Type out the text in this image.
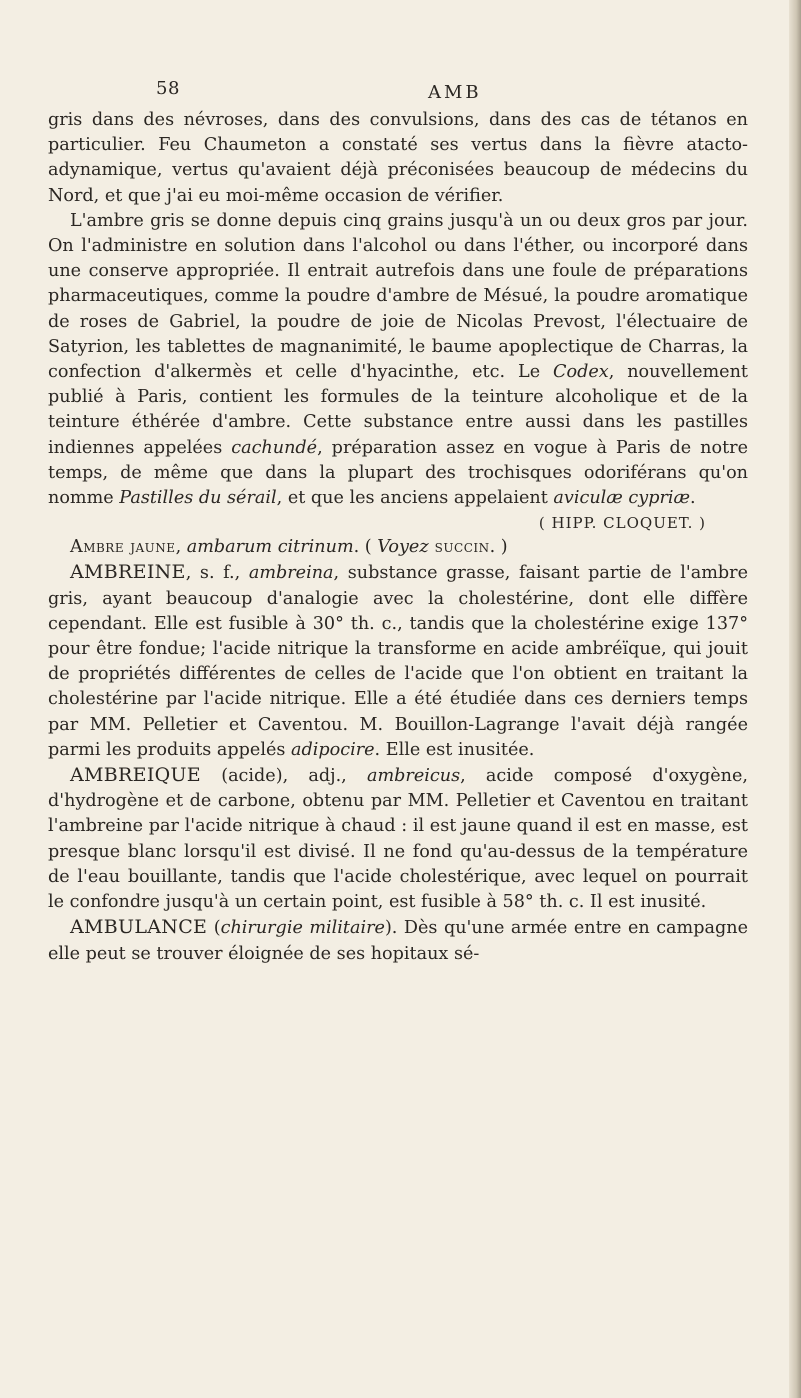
58	AMB

gris dans des névroses, dans des convulsions, dans des cas de tétanos en particulier. Feu Chaumeton a constaté ses vertus dans la fièvre atacto-adynamique, vertus qu'avaient déjà préconisées beaucoup de médecins du Nord, et que j'ai eu moi-même occasion de vérifier.

L'ambre gris se donne depuis cinq grains jusqu'à un ou deux gros par jour. On l'administre en solution dans l'alcohol ou dans l'éther, ou incorporé dans une conserve appropriée. Il entrait autrefois dans une foule de préparations pharmaceutiques, comme la poudre d'ambre de Mésué, la poudre aromatique de roses de Gabriel, la poudre de joie de Nicolas Prevost, l'électuaire de Satyrion, les tablettes de magnanimité, le baume apoplectique de Charras, la confection d'alkermès et celle d'hyacinthe, etc. Le Codex, nouvellement publié à Paris, contient les formules de la teinture alcoholique et de la teinture éthérée d'ambre. Cette substance entre aussi dans les pastilles indiennes appelées cachundé, préparation assez en vogue à Paris de notre temps, de même que dans la plupart des trochisques odoriférans qu'on nomme Pastilles du sérail, et que les anciens appelaient aviculæ cypriæ.

( HIPP. CLOQUET. )

Ambre jaune, ambarum citrinum. ( Voyez succin. )

AMBREINE, s. f., ambreina, substance grasse, faisant partie de l'ambre gris, ayant beaucoup d'analogie avec la cholestérine, dont elle diffère cependant. Elle est fusible à 30° th. c., tandis que la cholestérine exige 137° pour être fondue; l'acide nitrique la transforme en acide ambréïque, qui jouit de propriétés différentes de celles de l'acide que l'on obtient en traitant la cholestérine par l'acide nitrique. Elle a été étudiée dans ces derniers temps par MM. Pelletier et Caventou. M. Bouillon-Lagrange l'avait déjà rangée parmi les produits appelés adipocire. Elle est inusitée.

AMBREIQUE (acide), adj., ambreicus, acide composé d'oxygène, d'hydrogène et de carbone, obtenu par MM. Pelletier et Caventou en traitant l'ambreine par l'acide nitrique à chaud : il est jaune quand il est en masse, est presque blanc lorsqu'il est divisé. Il ne fond qu'au-dessus de la température de l'eau bouillante, tandis que l'acide cholestérique, avec lequel on pourrait le confondre jusqu'à un certain point, est fusible à 58° th. c. Il est inusité.

AMBULANCE (chirurgie militaire). Dès qu'une armée entre en campagne elle peut se trouver éloignée de ses hopitaux sé-
